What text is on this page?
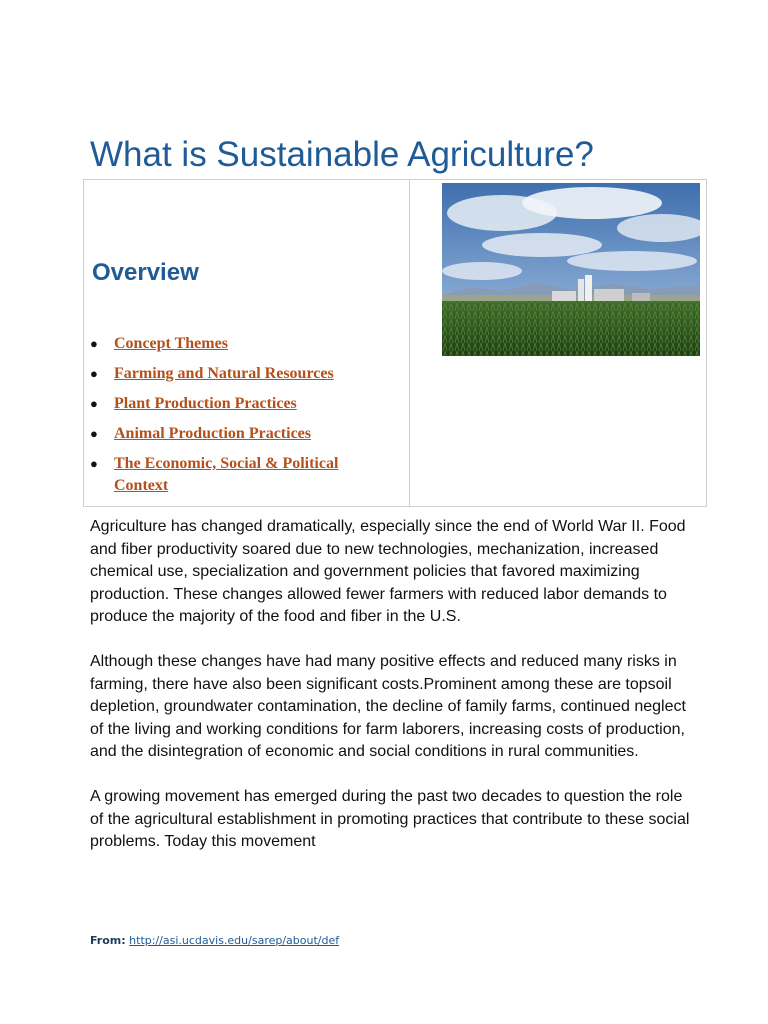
What is Sustainable Agriculture?
Overview
● Concept Themes
● Farming and Natural Resources
● Plant Production Practices
● Animal Production Practices
● The Economic, Social & Political Context

Agriculture has changed dramatically, especially since the end of World War II. Food and fiber productivity soared due to new technologies, mechanization, increased chemical use, specialization and government policies that favored maximizing production. These changes allowed fewer farmers with reduced labor demands to produce the majority of the food and fiber in the U.S.

Although these changes have had many positive effects and reduced many risks in farming, there have also been significant costs.Prominent among these are topsoil depletion, groundwater contamination, the decline of family farms, continued neglect of the living and working conditions for farm laborers, increasing costs of production, and the disintegration of economic and social conditions in rural communities.

A growing movement has emerged during the past two decades to question the role of the agricultural establishment in promoting practices that contribute to these social problems. Today this movement

From: http://asi.ucdavis.edu/sarep/about/def
